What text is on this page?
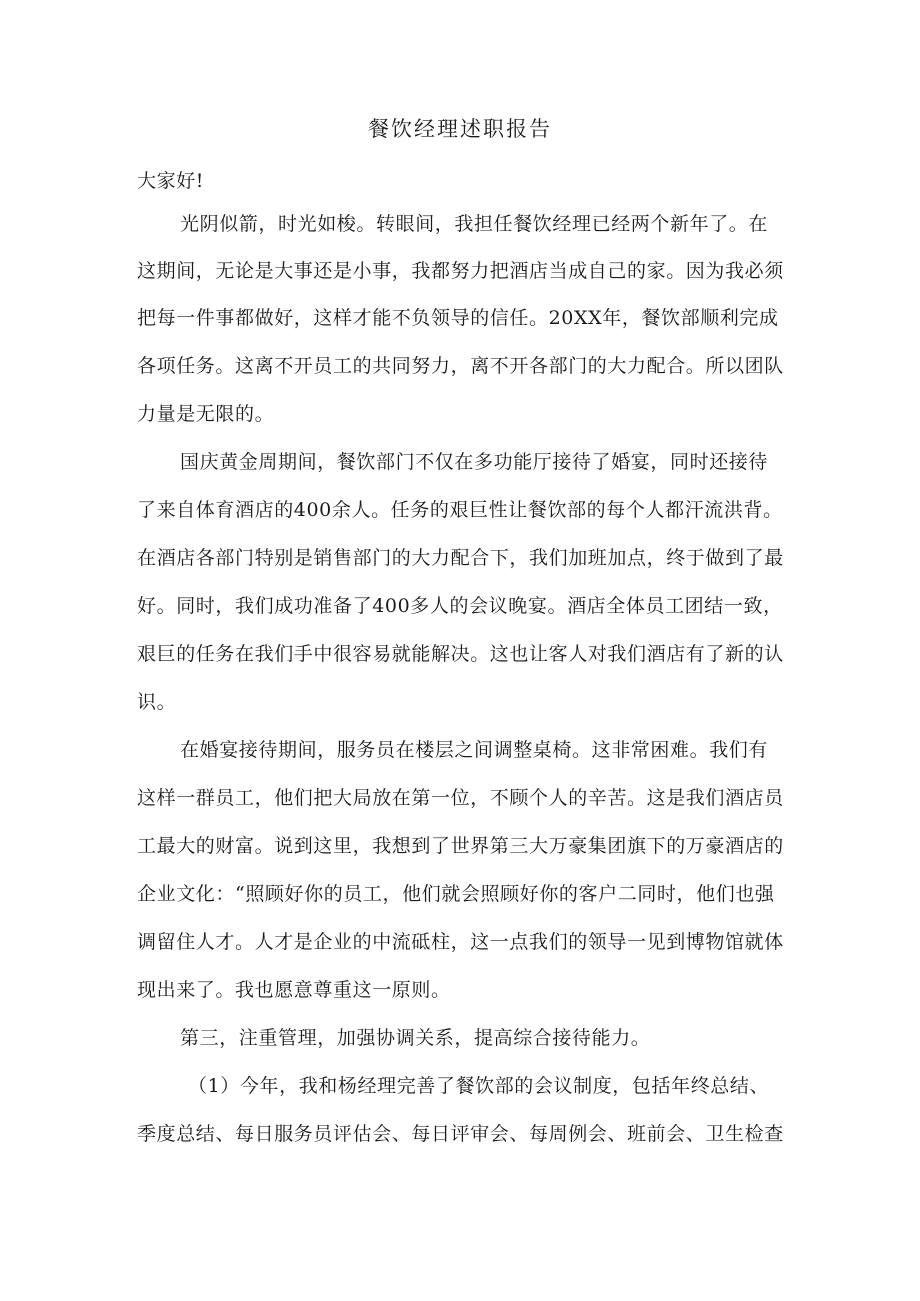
餐饮经理述职报告
大家好!
光阴似箭，时光如梭。转眼间，我担任餐饮经理已经两个新年了。在
这期间，无论是大事还是小事，我都努力把酒店当成自己的家。因为我必须
把每一件事都做好，这样才能不负领导的信任。20XX年，餐饮部顺利完成
各项任务。这离不开员工的共同努力，离不开各部门的大力配合。所以团队
力量是无限的。
国庆黄金周期间，餐饮部门不仅在多功能厅接待了婚宴，同时还接待
了来自体育酒店的400余人。任务的艰巨性让餐饮部的每个人都汗流洪背。
在酒店各部门特别是销售部门的大力配合下，我们加班加点，终于做到了最
好。同时，我们成功准备了400多人的会议晚宴。酒店全体员工团结一致，
艰巨的任务在我们手中很容易就能解决。这也让客人对我们酒店有了新的认
识。
在婚宴接待期间，服务员在楼层之间调整桌椅。这非常困难。我们有
这样一群员工，他们把大局放在第一位，不顾个人的辛苦。这是我们酒店员
工最大的财富。说到这里，我想到了世界第三大万豪集团旗下的万豪酒店的
企业文化：“照顾好你的员工，他们就会照顾好你的客户二同时，他们也强
调留住人才。人才是企业的中流砥柱，这一点我们的领导一见到博物馆就体
现出来了。我也愿意尊重这一原则。
第三，注重管理，加强协调关系，提高综合接待能力。
（1）今年，我和杨经理完善了餐饮部的会议制度，包括年终总结、
季度总结、每日服务员评估会、每日评审会、每周例会、班前会、卫生检查
